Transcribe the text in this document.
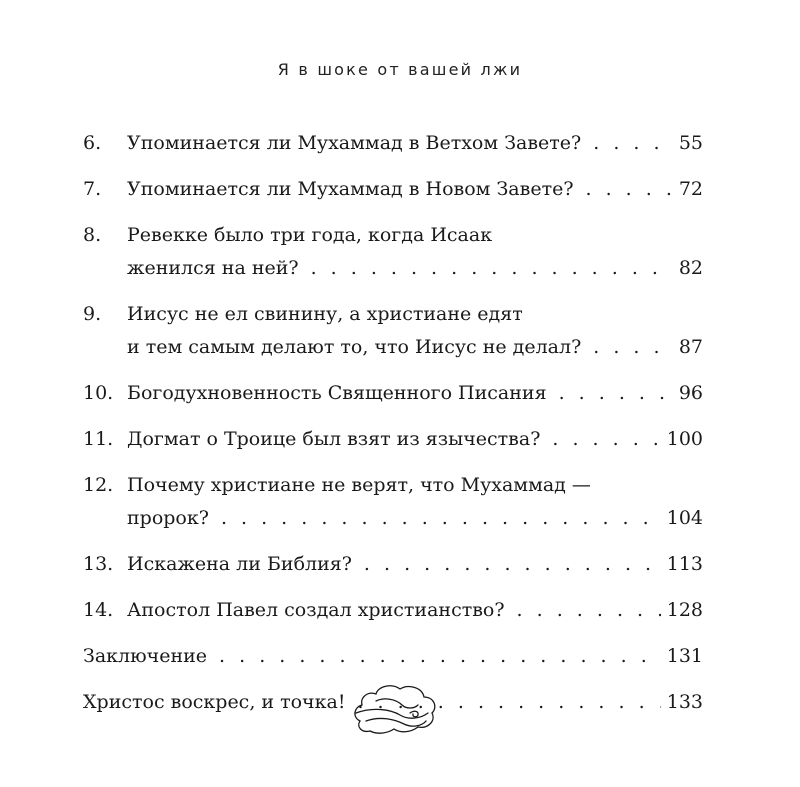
Я в шоке от вашей лжи
6. Упоминается ли Мухаммад в Ветхом Завете? . . .	55
7. Упоминается ли Мухаммад в Новом Завете? . . .	72
8. Ревекке было три года, когда Исаак
женился на ней? . . .	82
9. Иисус не ел свинину, а христиане едят
и тем самым делают то, что Иисус не делал? . . .	87
10. Богодухновенность Священного Писания . . .	96
11. Догмат о Троице был взят из язычества? . . .	100
12. Почему христиане не верят, что Мухаммад —
пророк? . . .	104
13. Искажена ли Библия? . . .	113
14. Апостол Павел создал христианство? . . .	128
Заключение . . .	131
Христос воскрес, и точка! . . .	133
